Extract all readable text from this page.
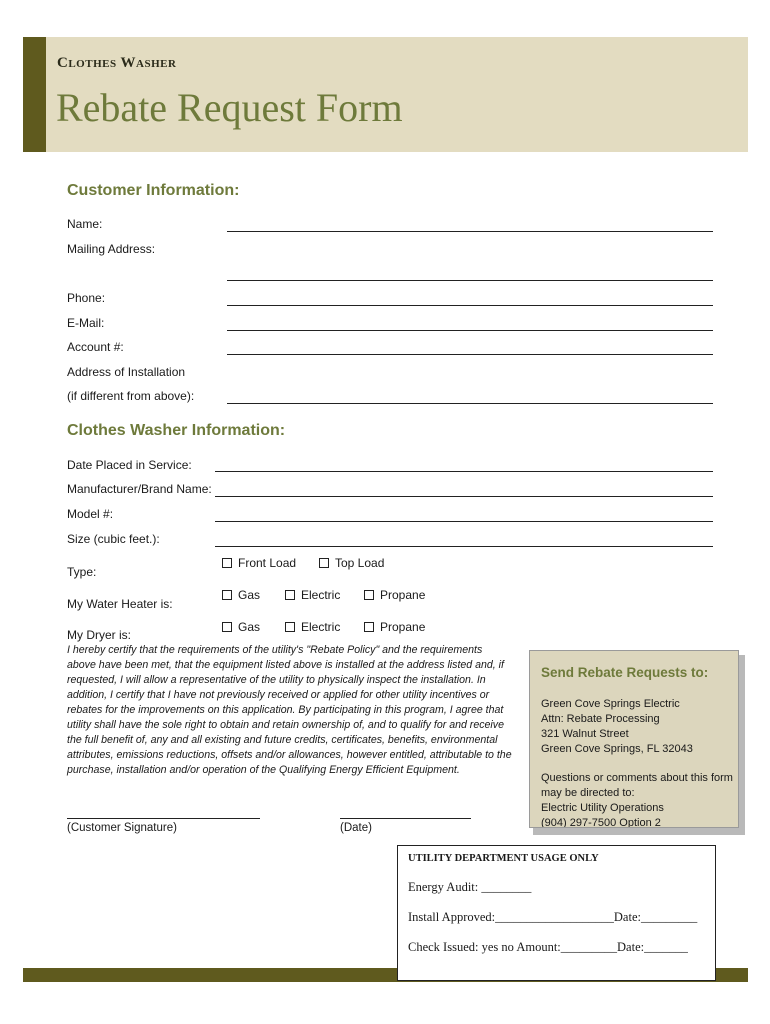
Clothes Washer
Rebate Request Form
Customer Information:
Name:
Mailing Address:
Phone:
E-Mail:
Account #:
Address of Installation
(if different from above):
Clothes Washer Information:
Date Placed in Service:
Manufacturer/Brand Name:
Model #:
Size (cubic feet.):
Type:
Front Load	Top Load
My Water Heater is:
Gas	Electric	Propane
My Dryer is:
Gas	Electric	Propane
I hereby certify that the requirements of the utility's "Rebate Policy" and the requirements above have been met, that the equipment listed above is installed at the address listed and, if requested, I will allow a representative of the utility to physically inspect the installation. In addition, I certify that I have not previously received or applied for other utility incentives or rebates for the improvements on this application. By participating in this program, I agree that utility shall have the sole right to obtain and retain ownership of, and to qualify for and receive the full benefit of, any and all existing and future credits, certificates, benefits, environmental attributes, emissions reductions, offsets and/or allowances, however entitled, attributable to the purchase, installation and/or operation of the Qualifying Energy Efficient Equipment.
(Customer Signature)	(Date)
Send Rebate Requests to:
Green Cove Springs Electric
Attn: Rebate Processing
321 Walnut Street
Green Cove Springs, FL 32043
Questions or comments about this form
may be directed to:
Electric Utility Operations
(904) 297-7500 Option 2
UTILITY DEPARTMENT USAGE ONLY
Energy Audit: ________
Install Approved:___________________Date:_________
Check Issued: yes no Amount:_________Date:_______
